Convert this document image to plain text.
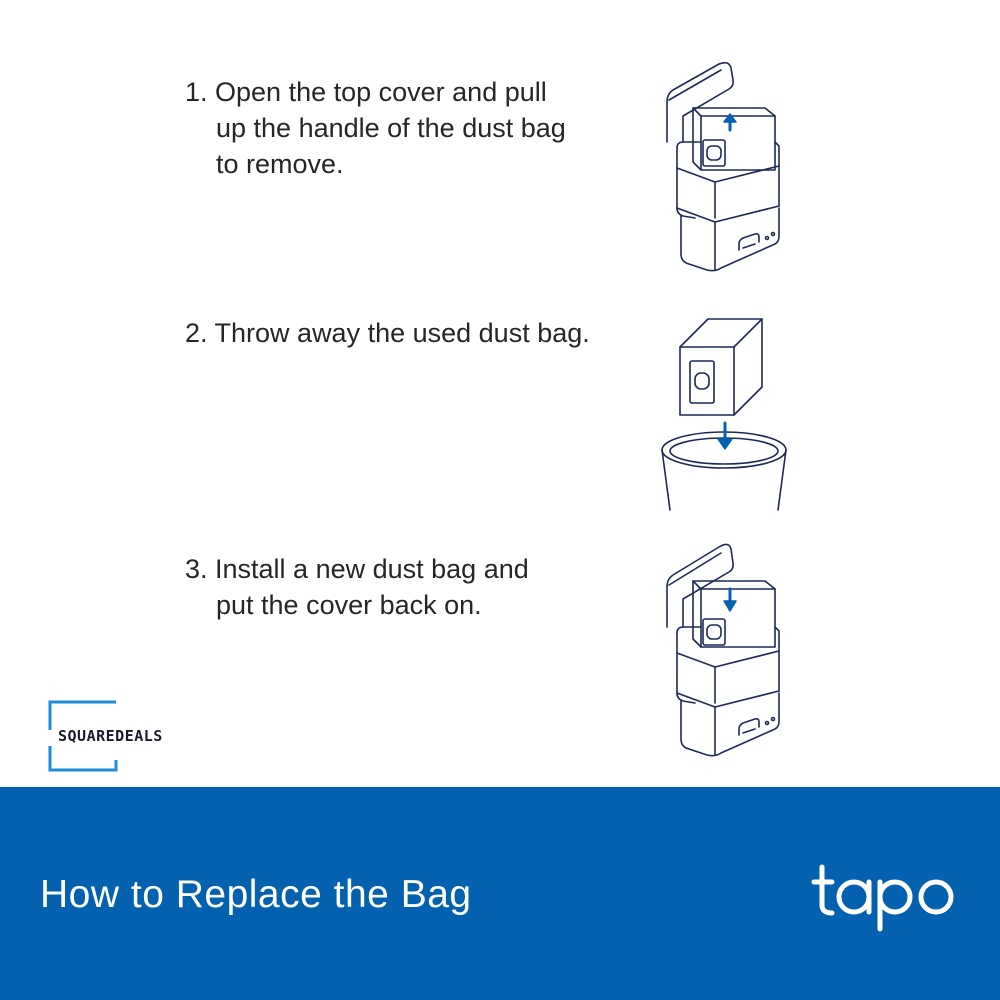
1. Open the top cover and pull
up the handle of the dust bag
to remove.
2. Throw away the used dust bag.
3. Install a new dust bag and
put the cover back on.
SQUAREDEALS
How to Replace the Bag
